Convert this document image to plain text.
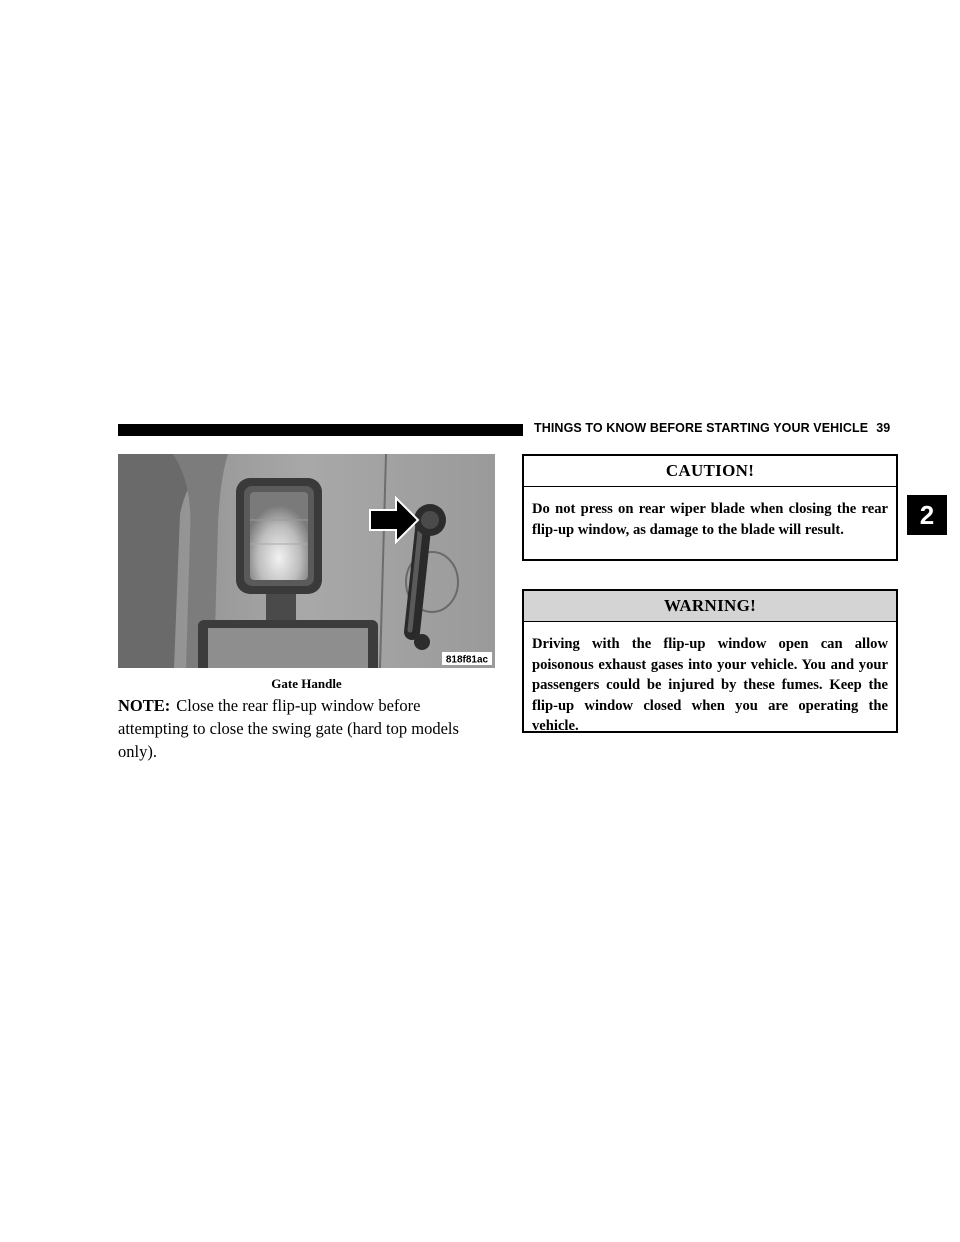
THINGS TO KNOW BEFORE STARTING YOUR VEHICLE 39
2
818f81ac
Gate Handle
NOTE: Close the rear flip-up window before attempting to close the swing gate (hard top models only).
CAUTION!
Do not press on rear wiper blade when closing the rear flip-up window, as damage to the blade will result.
WARNING!
Driving with the flip-up window open can allow poisonous exhaust gases into your vehicle. You and your passengers could be injured by these fumes. Keep the flip-up window closed when you are operating the vehicle.
